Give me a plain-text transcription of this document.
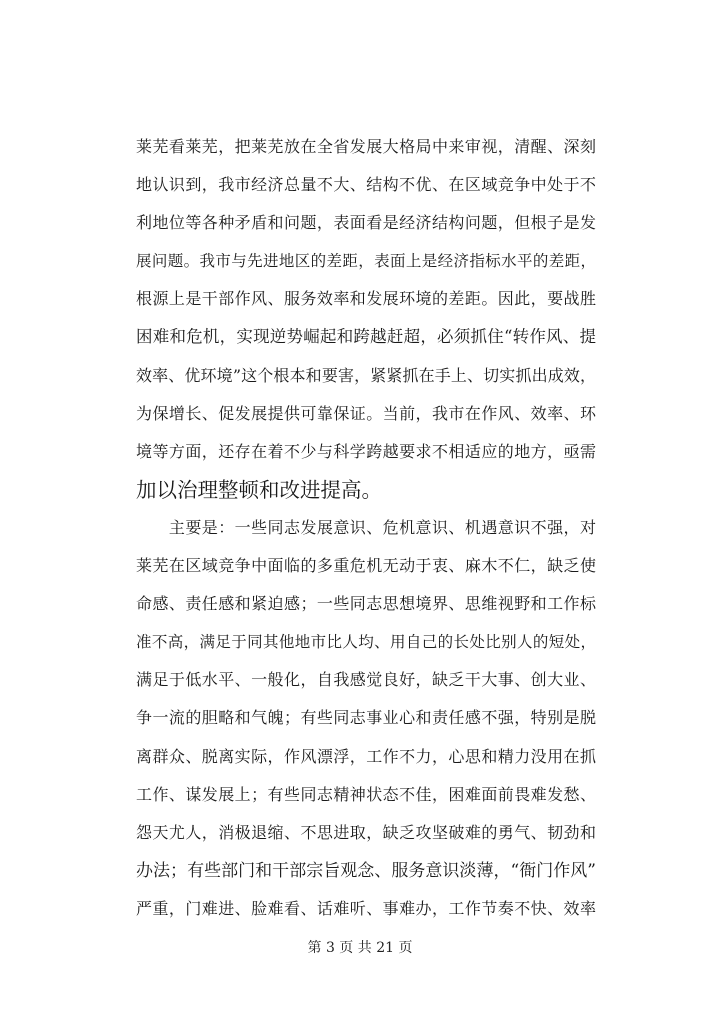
莱芜看莱芜，把莱芜放在全省发展大格局中来审视，清醒、深刻
地认识到，我市经济总量不大、结构不优、在区域竞争中处于不
利地位等各种矛盾和问题，表面看是经济结构问题，但根子是发
展问题。我市与先进地区的差距，表面上是经济指标水平的差距，
根源上是干部作风、服务效率和发展环境的差距。因此，要战胜
困难和危机，实现逆势崛起和跨越赶超，必须抓住“转作风、提
效率、优环境”这个根本和要害，紧紧抓在手上、切实抓出成效，
为保增长、促发展提供可靠保证。当前，我市在作风、效率、环
境等方面，还存在着不少与科学跨越要求不相适应的地方，亟需
加以治理整顿和改进提高。
　　主要是：一些同志发展意识、危机意识、机遇意识不强，对
莱芜在区域竞争中面临的多重危机无动于衷、麻木不仁，缺乏使
命感、责任感和紧迫感；一些同志思想境界、思维视野和工作标
准不高，满足于同其他地市比人均、用自己的长处比别人的短处，
满足于低水平、一般化，自我感觉良好，缺乏干大事、创大业、
争一流的胆略和气魄；有些同志事业心和责任感不强，特别是脱
离群众、脱离实际，作风漂浮，工作不力，心思和精力没用在抓
工作、谋发展上；有些同志精神状态不佳，困难面前畏难发愁、
怨天尤人，消极退缩、不思进取，缺乏攻坚破难的勇气、韧劲和
办法；有些部门和干部宗旨观念、服务意识淡薄，“衙门作风”
严重，门难进、脸难看、话难听、事难办，工作节奏不快、效率
第 3 页 共 21 页
